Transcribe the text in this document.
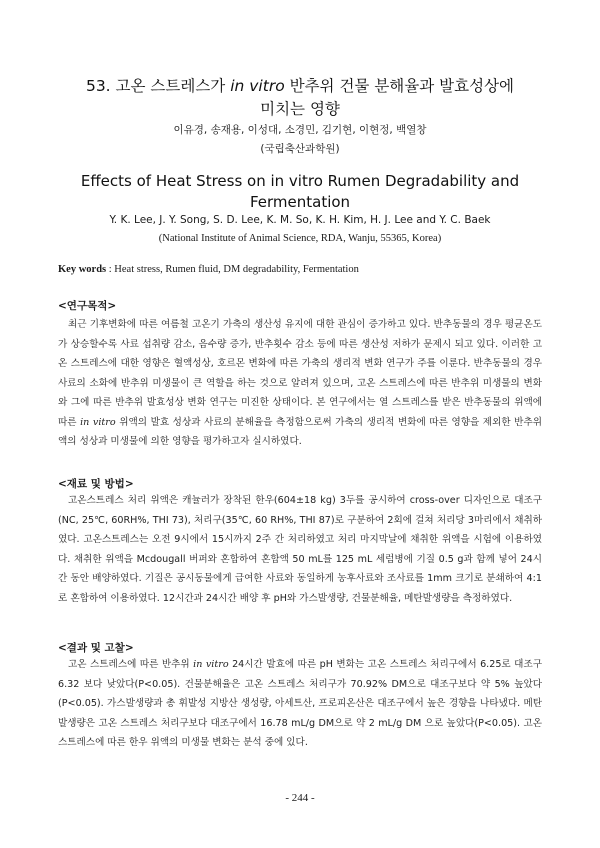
53. 고온 스트레스가 in vitro 반추위 건물 분해율과 발효성상에
미치는 영향
이유경, 송재용, 이성대, 소경민, 김기현, 이현정, 백열창
(국립축산과학원)
Effects of Heat Stress on in vitro Rumen Degradability and
Fermentation
Y. K. Lee, J. Y. Song, S. D. Lee, K. M. So, K. H. Kim, H. J. Lee and Y. C. Baek
(National Institute of Animal Science, RDA, Wanju, 55365, Korea)
Key words : Heat stress, Rumen fluid, DM degradability, Fermentation
<연구목적>

최근 기후변화에 따른 여름철 고온기 가축의 생산성 유지에 대한 관심이 증가하고 있다. 반추동물의 경우 평균온도가 상승할수록 사료 섭취량 감소, 음수량 증가, 반추횟수 감소 등에 따른 생산성 저하가 문제시 되고 있다. 이러한 고온 스트레스에 대한 영향은 혈액성상, 호르몬 변화에 따른 가축의 생리적 변화 연구가 주를 이룬다. 반추동물의 경우 사료의 소화에 반추위 미생물이 큰 역할을 하는 것으로 알려져 있으며, 고온 스트레스에 따른 반추위 미생물의 변화와 그에 따른 반추위 발효성상 변화 연구는 미진한 상태이다. 본 연구에서는 열 스트레스를 받은 반추동물의 위액에 따른 in vitro 위액의 발효 성상과 사료의 분해율을 측정함으로써 가축의 생리적 변화에 따른 영향을 제외한 반추위액의 성상과 미생물에 의한 영향을 평가하고자 실시하였다.

<재료 및 방법>

고온스트레스 처리 위액은 캐뉼러가 장착된 한우(604±18 kg) 3두를 공시하여 cross-over 디자인으로 대조구(NC, 25℃, 60RH%, THI 73), 처리구(35℃, 60 RH%, THI 87)로 구분하여 2회에 걸쳐 처리당 3마리에서 채취하였다. 고온스트레스는 오전 9시에서 15시까지 2주 간 처리하였고 처리 마지막날에 채취한 위액을 시험에 이용하였다. 채취한 위액을 Mcdougall 버퍼와 혼합하여 혼합액 50 mL를 125 mL 세럼병에 기질 0.5 g과 함께 넣어 24시간 동안 배양하였다. 기질은 공시동물에게 급여한 사료와 동일하게 농후사료와 조사료를 1mm 크기로 분쇄하여 4:1로 혼합하여 이용하였다. 12시간과 24시간 배양 후 pH와 가스발생량, 건물분해율, 메탄발생량을 측정하였다.

<결과 및 고찰>

고온 스트레스에 따른 반추위 in vitro 24시간 발효에 따른 pH 변화는 고온 스트레스 처리구에서 6.25로 대조구 6.32 보다 낮았다(P<0.05). 건물분해율은 고온 스트레스 처리구가 70.92% DM으로 대조구보다 약 5% 높았다(P<0.05). 가스발생량과 총 휘발성 지방산 생성량, 아세트산, 프로피온산은 대조구에서 높은 경향을 나타냈다. 메탄발생량은 고온 스트레스 처리구보다 대조구에서 16.78 mL/g DM으로 약 2 mL/g DM 으로 높았다(P<0.05). 고온 스트레스에 따른 한우 위액의 미생물 변화는 분석 중에 있다.

- 244 -
